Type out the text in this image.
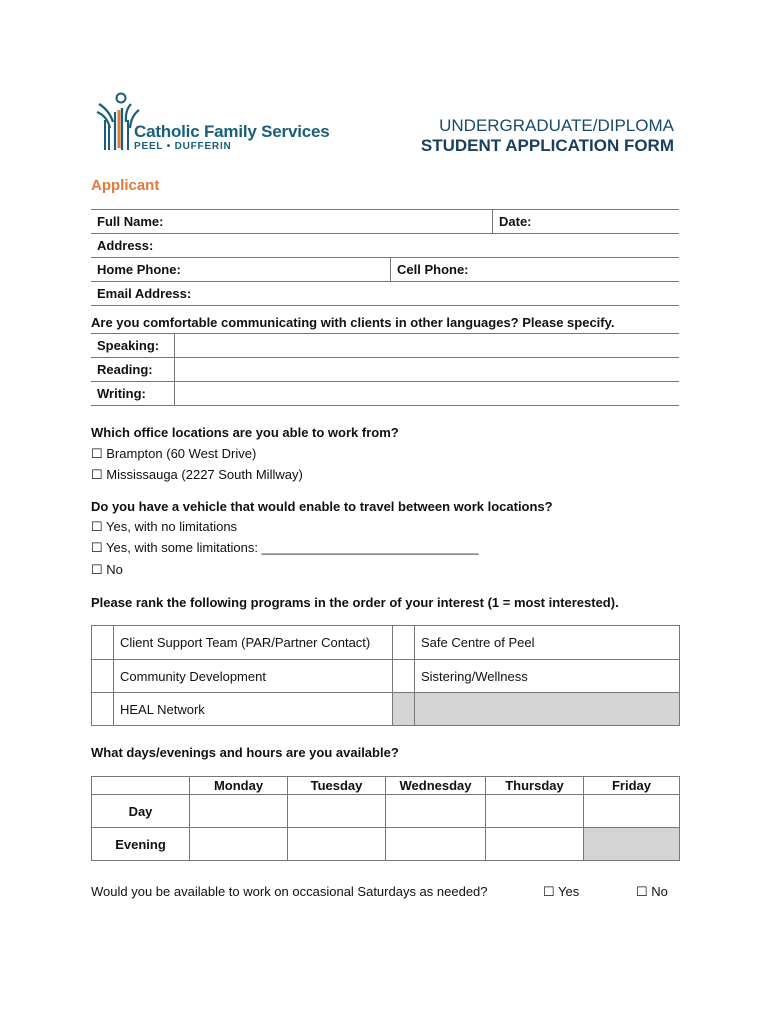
Catholic Family Services
PEEL • DUFFERIN
UNDERGRADUATE/DIPLOMA
STUDENT APPLICATION FORM
Applicant
Full Name:	Date:
Address:
Home Phone:	Cell Phone:
Email Address:
Are you comfortable communicating with clients in other languages? Please specify.
Speaking:
Reading:
Writing:
Which office locations are you able to work from?
☐ Brampton (60 West Drive)
☐ Mississauga (2227 South Millway)
Do you have a vehicle that would enable to travel between work locations?
☐ Yes, with no limitations
☐ Yes, with some limitations: ______________________________
☐ No
Please rank the following programs in the order of your interest (1 = most interested).
	Client Support Team (PAR/Partner Contact)		Safe Centre of Peel
	Community Development		Sistering/Wellness
	HEAL Network		
What days/evenings and hours are you available?
	Monday	Tuesday	Wednesday	Thursday	Friday
Day					
Evening					
Would you be available to work on occasional Saturdays as needed?	☐ Yes	☐ No
